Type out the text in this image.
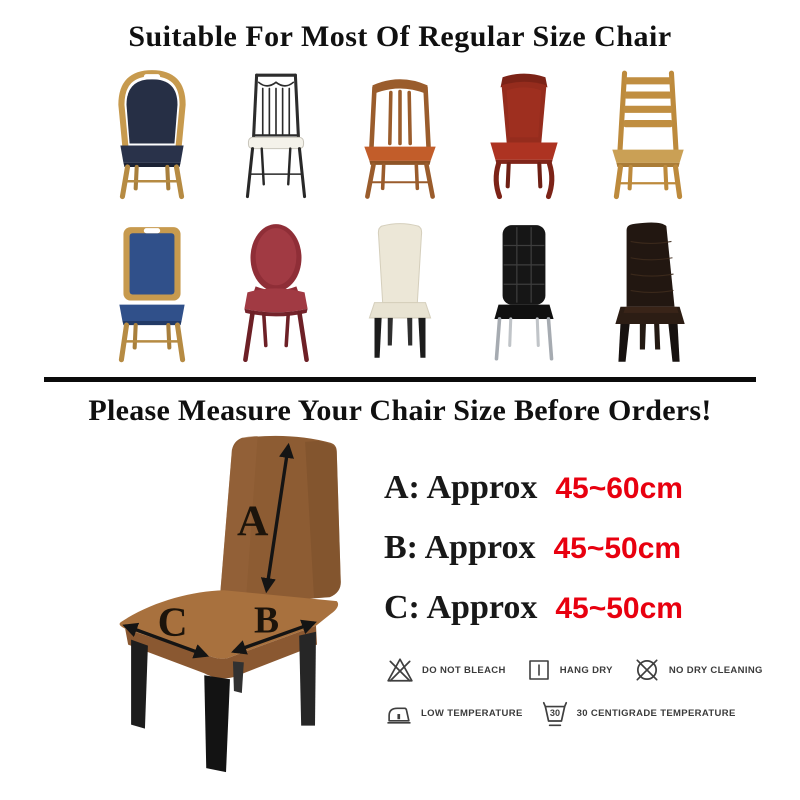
Suitable For Most Of Regular Size Chair
Please Measure Your Chair Size Before Orders!
A
B
C
A: Approx 45~60cm
B: Approx 45~50cm
C: Approx 45~50cm
DO NOT BLEACH	HANG DRY	NO DRY CLEANING
LOW TEMPERATURE	30 30 CENTIGRADE TEMPERATURE
